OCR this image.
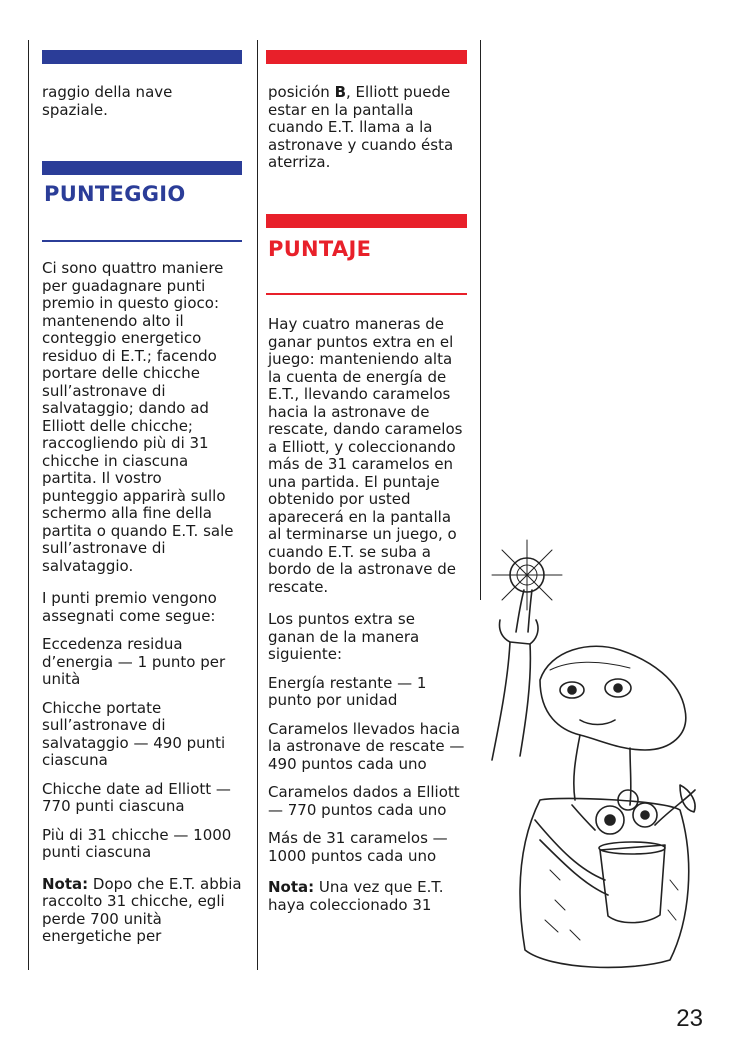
raggio della nave spaziale.

PUNTEGGIO

Ci sono quattro maniere per guadagnare punti premio in questo gioco: mantenendo alto il conteggio energetico residuo di E.T.; facendo portare delle chicche sull’astronave di salvataggio; dando ad Elliott delle chicche; raccogliendo più di 31 chicche in ciascuna partita. Il vostro punteggio apparirà sullo schermo alla fine della partita o quando E.T. sale sull’astronave di salvataggio.

I punti premio vengono assegnati come segue:

Eccedenza residua d’energia — 1 punto per unità

Chicche portate sull’astronave di salvataggio — 490 punti ciascuna

Chicche date ad Elliott — 770 punti ciascuna

Più di 31 chicche — 1000 punti ciascuna

Nota: Dopo che E.T. abbia raccolto 31 chicche, egli perde 700 unità energetiche per

posición B, Elliott puede estar en la pantalla cuando E.T. llama a la astronave y cuando ésta aterriza.

PUNTAJE

Hay cuatro maneras de ganar puntos extra en el juego: manteniendo alta la cuenta de energía de E.T., llevando caramelos hacia la astronave de rescate, dando caramelos a Elliott, y coleccionando más de 31 caramelos en una partida. El puntaje obtenido por usted aparecerá en la pantalla al terminarse un juego, o cuando E.T. se suba a bordo de la astronave de rescate.

Los puntos extra se ganan de la manera siguiente:

Energía restante — 1 punto por unidad

Caramelos llevados hacia la astronave de rescate — 490 puntos cada uno

Caramelos dados a Elliott — 770 puntos cada uno

Más de 31 caramelos — 1000 puntos cada uno

Nota: Una vez que E.T. haya coleccionado 31

23
